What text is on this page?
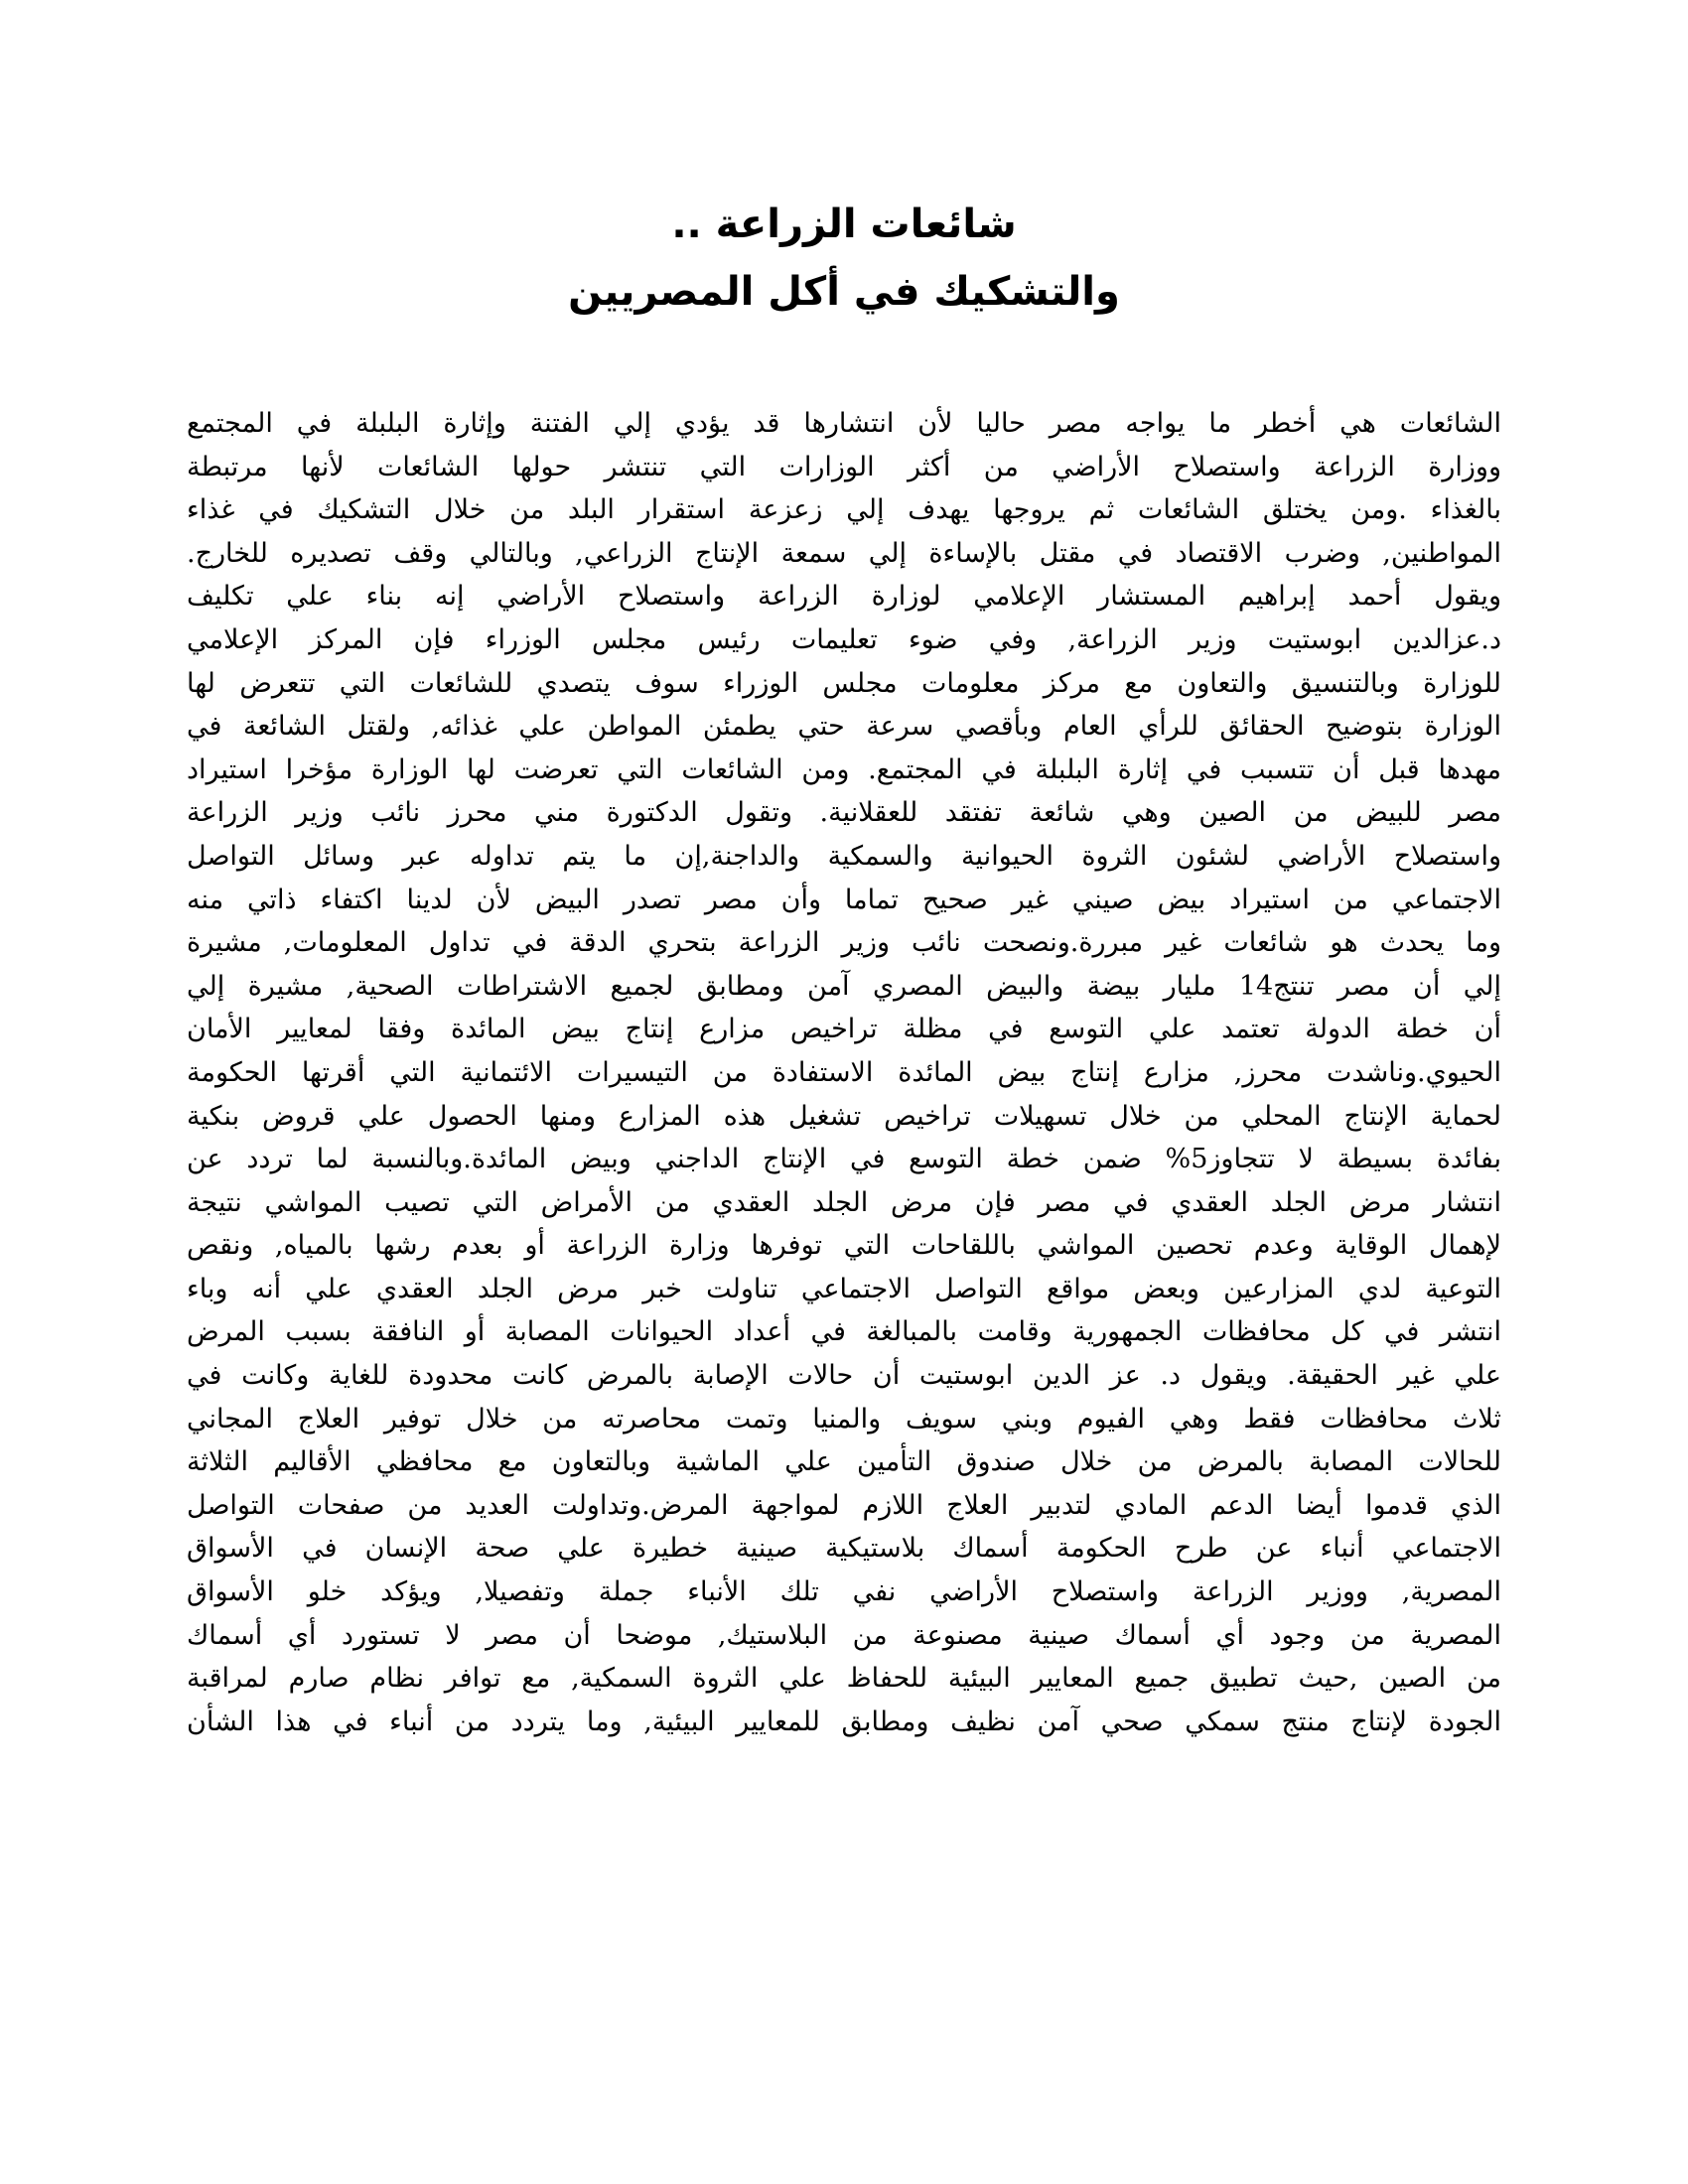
شائعات الزراعة ..
والتشكيك في أكل المصريين
الشائعات هي أخطر ما يواجه مصر حاليا لأن انتشارها قد يؤدي إلي الفتنة وإثارة البلبلة في المجتمع
ووزارة الزراعة واستصلاح الأراضي من أكثر الوزارات التي تنتشر حولها الشائعات لأنها مرتبطة
بالغذاء .ومن يختلق الشائعات ثم يروجها يهدف إلي زعزعة استقرار البلد من خلال التشكيك في غذاء
المواطنين, وضرب الاقتصاد في مقتل بالإساءة إلي سمعة الإنتاج الزراعي, وبالتالي وقف تصديره للخارج.
ويقول أحمد إبراهيم المستشار الإعلامي لوزارة الزراعة واستصلاح الأراضي إنه بناء علي تكليف
د.عزالدين ابوستيت وزير الزراعة, وفي ضوء تعليمات رئيس مجلس الوزراء فإن المركز الإعلامي
للوزارة وبالتنسيق والتعاون مع مركز معلومات مجلس الوزراء سوف يتصدي للشائعات التي تتعرض لها
الوزارة بتوضيح الحقائق للرأي العام وبأقصي سرعة حتي يطمئن المواطن علي غذائه, ولقتل الشائعة في
مهدها قبل أن تتسبب في إثارة البلبلة في المجتمع. ومن الشائعات التي تعرضت لها الوزارة مؤخرا استيراد
مصر للبيض من الصين وهي شائعة تفتقد للعقلانية. وتقول الدكتورة مني محرز نائب وزير الزراعة
واستصلاح الأراضي لشئون الثروة الحيوانية والسمكية والداجنة,إن ما يتم تداوله عبر وسائل التواصل
الاجتماعي من استيراد بيض صيني غير صحيح تماما وأن مصر تصدر البيض لأن لدينا اكتفاء ذاتي منه
وما يحدث هو شائعات غير مبررة.ونصحت نائب وزير الزراعة بتحري الدقة في تداول المعلومات, مشيرة
إلي أن مصر تنتج14 مليار بيضة والبيض المصري آمن ومطابق لجميع الاشتراطات الصحية, مشيرة إلي
أن خطة الدولة تعتمد علي التوسع في مظلة تراخيص مزارع إنتاج بيض المائدة وفقا لمعايير الأمان
الحيوي.وناشدت محرز, مزارع إنتاج بيض المائدة الاستفادة من التيسيرات الائتمانية التي أقرتها الحكومة
لحماية الإنتاج المحلي من خلال تسهيلات تراخيص تشغيل هذه المزارع ومنها الحصول علي قروض بنكية
بفائدة بسيطة لا تتجاوز5% ضمن خطة التوسع في الإنتاج الداجني وبيض المائدة.وبالنسبة لما تردد عن
انتشار مرض الجلد العقدي في مصر فإن مرض الجلد العقدي من الأمراض التي تصيب المواشي نتيجة
لإهمال الوقاية وعدم تحصين المواشي باللقاحات التي توفرها وزارة الزراعة أو بعدم رشها بالمياه, ونقص
التوعية لدي المزارعين وبعض مواقع التواصل الاجتماعي تناولت خبر مرض الجلد العقدي علي أنه وباء
انتشر في كل محافظات الجمهورية وقامت بالمبالغة في أعداد الحيوانات المصابة أو النافقة بسبب المرض
علي غير الحقيقة. ويقول د. عز الدين ابوستيت أن حالات الإصابة بالمرض كانت محدودة للغاية وكانت في
ثلاث محافظات فقط وهي الفيوم وبني سويف والمنيا وتمت محاصرته من خلال توفير العلاج المجاني
للحالات المصابة بالمرض من خلال صندوق التأمين علي الماشية وبالتعاون مع محافظي الأقاليم الثلاثة
الذي قدموا أيضا الدعم المادي لتدبير العلاج اللازم لمواجهة المرض.وتداولت العديد من صفحات التواصل
الاجتماعي أنباء عن طرح الحكومة أسماك بلاستيكية صينية خطيرة علي صحة الإنسان في الأسواق
المصرية, ووزير الزراعة واستصلاح الأراضي نفي تلك الأنباء جملة وتفصيلا, ويؤكد خلو الأسواق
المصرية من وجود أي أسماك صينية مصنوعة من البلاستيك, موضحا أن مصر لا تستورد أي أسماك
من الصين ,حيث تطبيق جميع المعايير البيئية للحفاظ علي الثروة السمكية, مع توافر نظام صارم لمراقبة
الجودة لإنتاج منتج سمكي صحي آمن نظيف ومطابق للمعايير البيئية, وما يتردد من أنباء في هذا الشأن
